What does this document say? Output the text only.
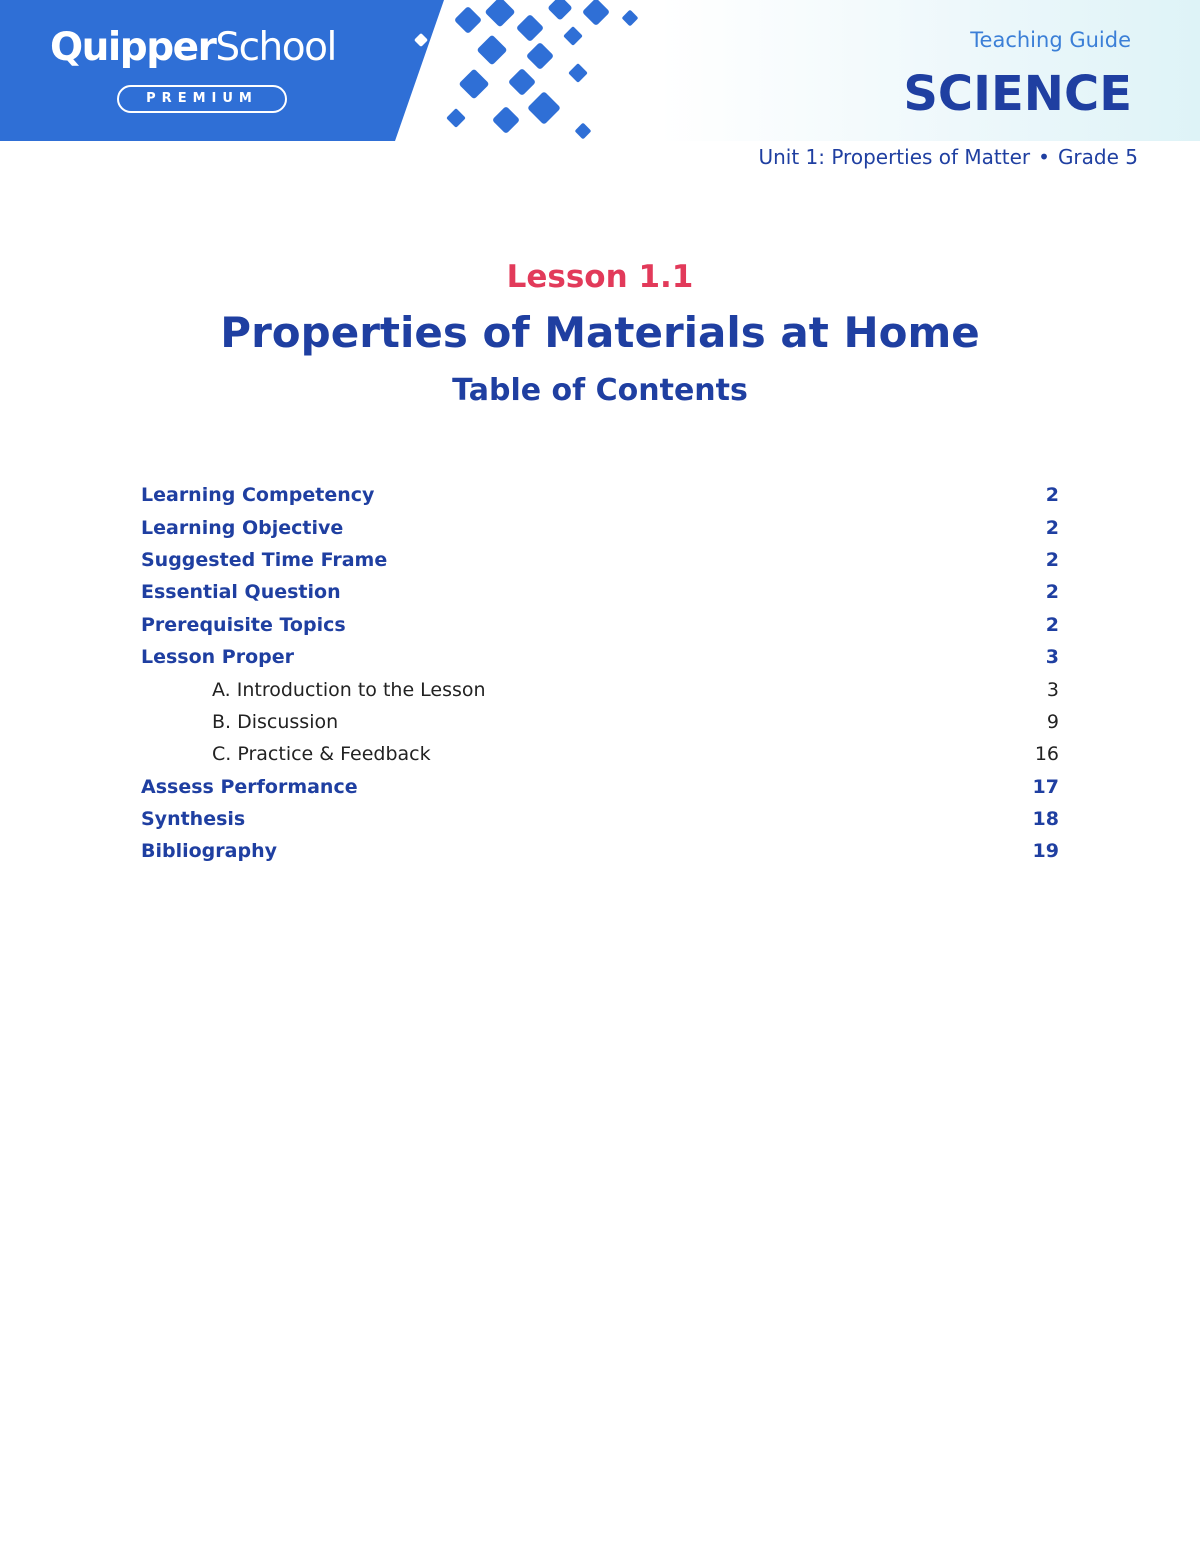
QuipperSchool
PREMIUM
Teaching Guide
SCIENCE
Unit 1: Properties of Matter • Grade 5
Lesson 1.1
Properties of Materials at Home
Table of Contents
Learning Competency	2
Learning Objective	2
Suggested Time Frame	2
Essential Question	2
Prerequisite Topics	2
Lesson Proper	3
A. Introduction to the Lesson	3
B. Discussion	9
C. Practice & Feedback	16
Assess Performance	17
Synthesis	18
Bibliography	19
